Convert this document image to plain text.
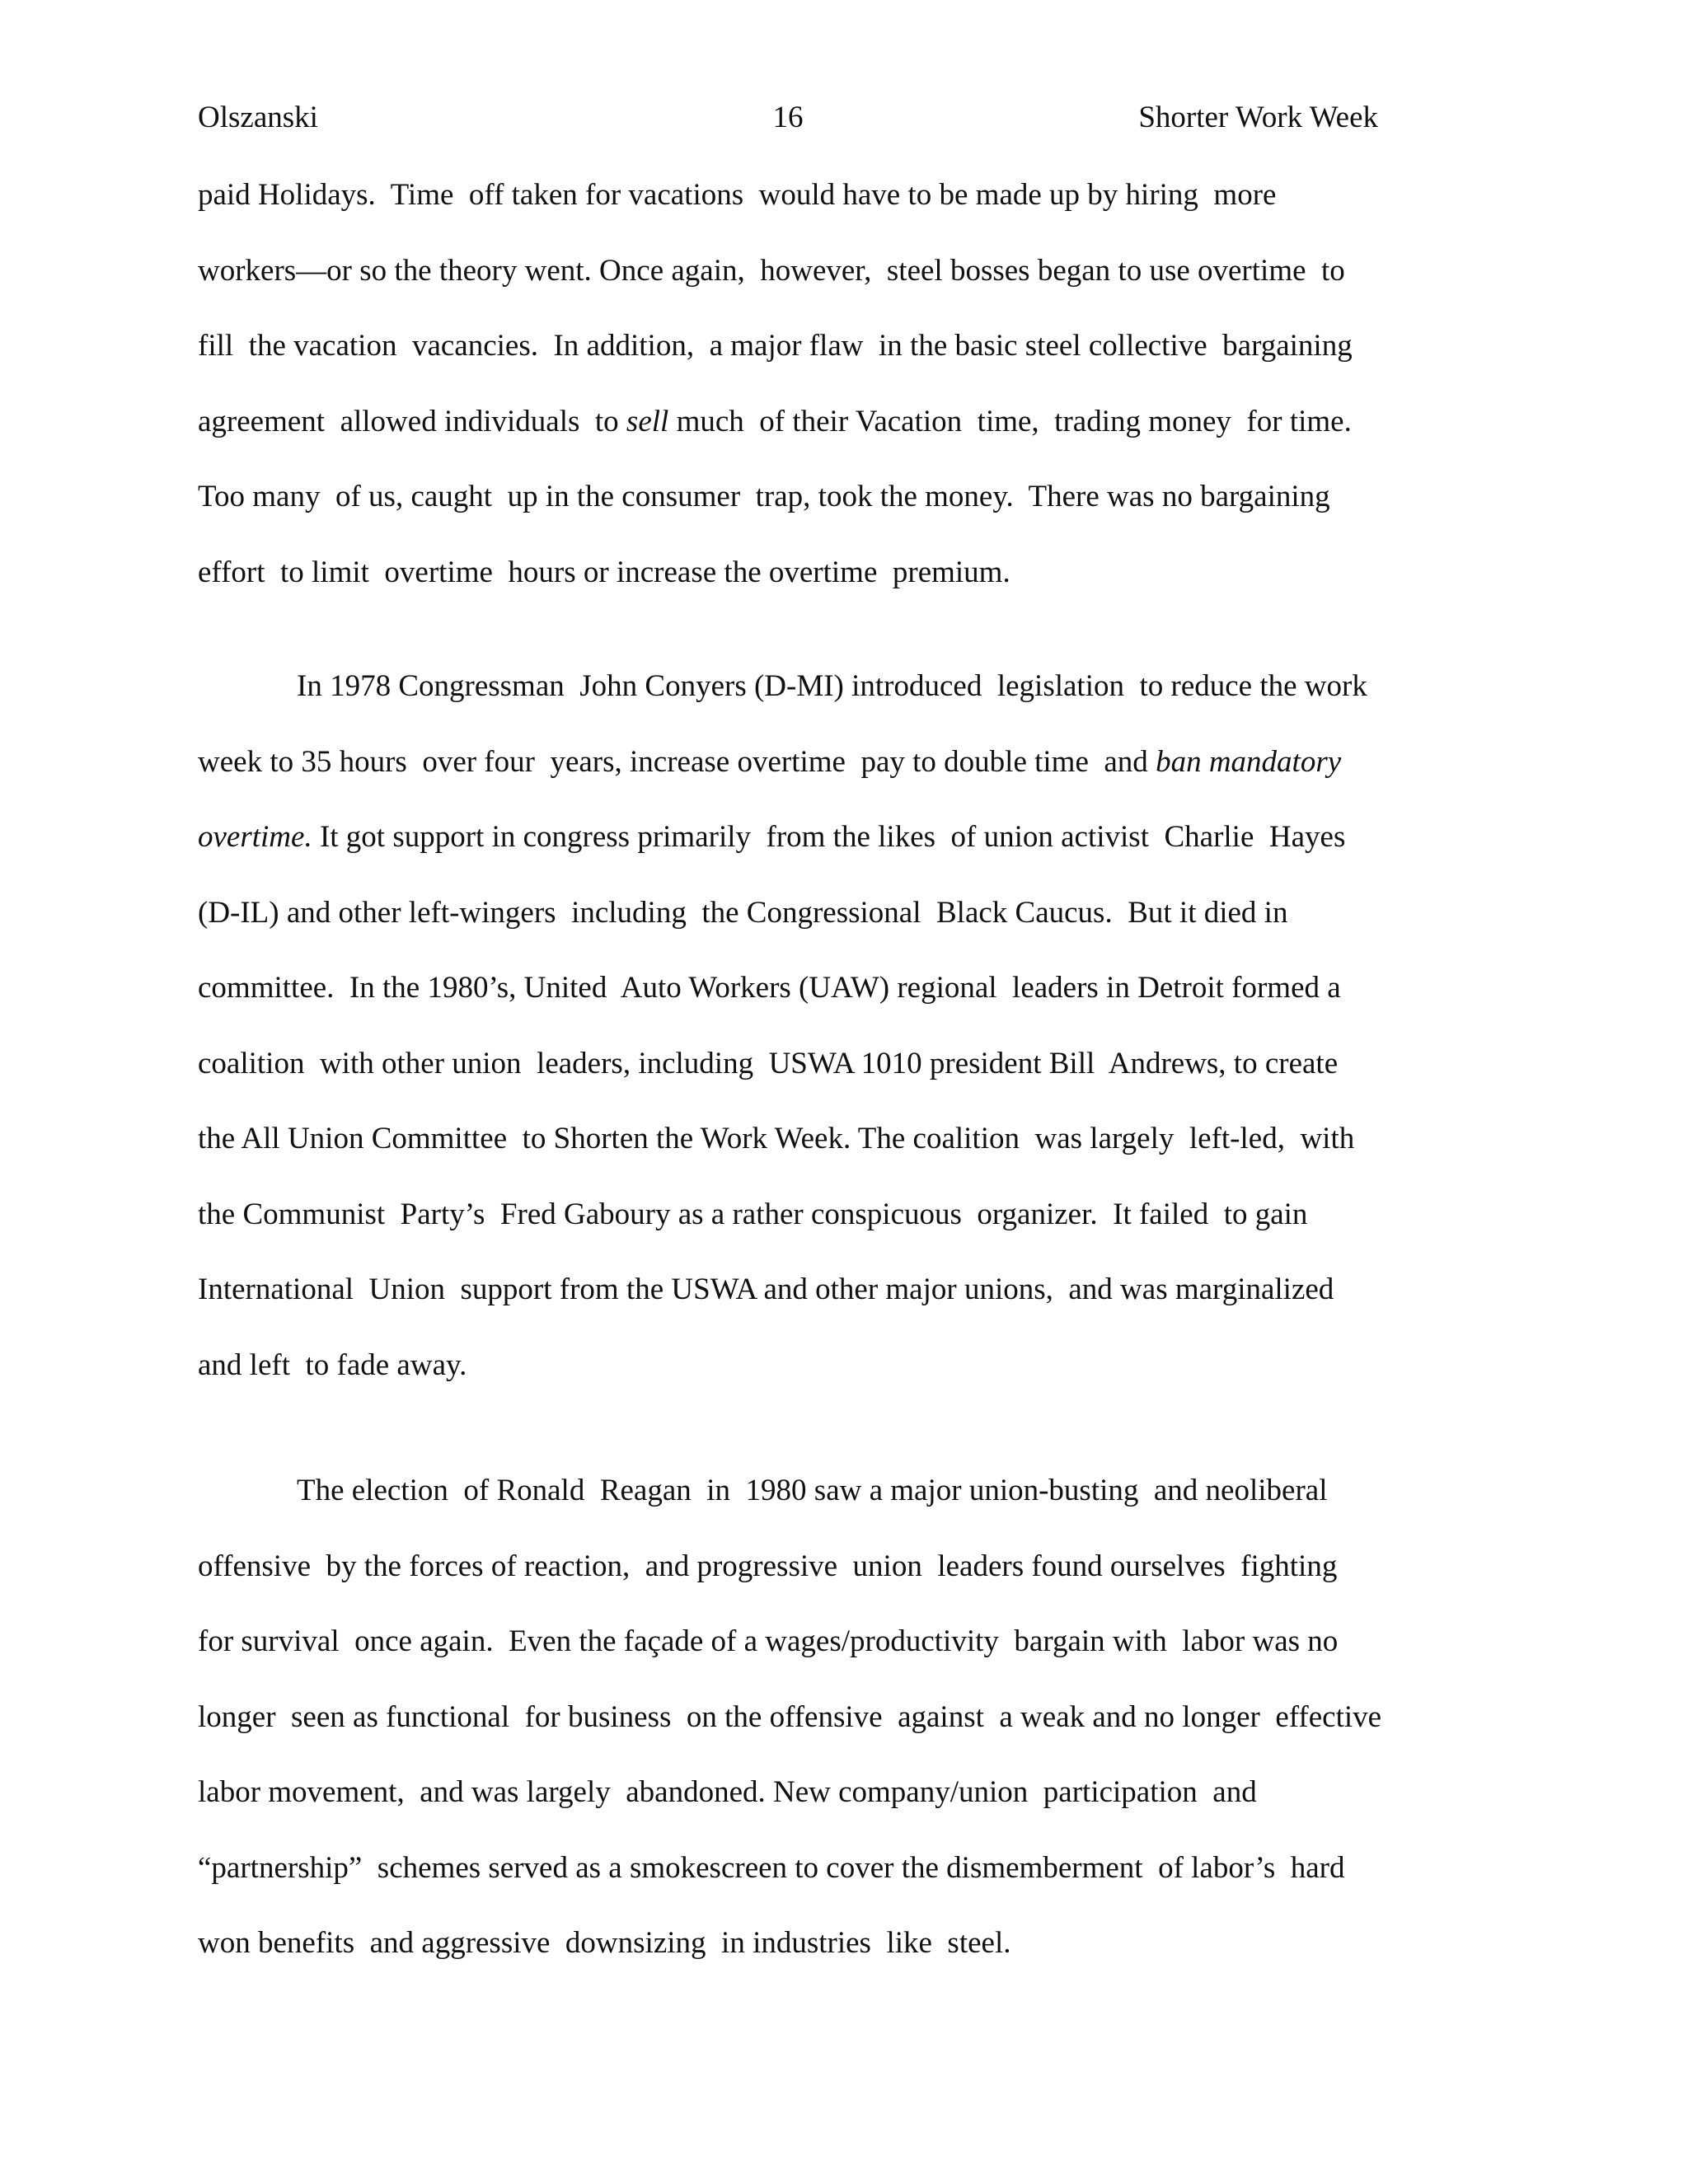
Olszanski	16	Shorter Work Week
paid Holidays.  Time  off taken for vacations  would have to be made up by hiring  more
workers—or so the theory went. Once again,  however,  steel bosses began to use overtime  to
fill  the vacation  vacancies.  In addition,  a major flaw  in the basic steel collective  bargaining
agreement  allowed individuals  to sell much  of their Vacation  time,  trading money  for time.
Too many  of us, caught  up in the consumer  trap, took the money.  There was no bargaining
effort  to limit  overtime  hours or increase the overtime  premium.
In 1978 Congressman  John Conyers (D-MI) introduced  legislation  to reduce the work
week to 35 hours  over four  years, increase overtime  pay to double time  and ban mandatory
overtime. It got support in congress primarily  from the likes  of union activist  Charlie  Hayes
(D-IL) and other left-wingers  including  the Congressional  Black Caucus.  But it died in
committee.  In the 1980’s, United  Auto Workers (UAW) regional  leaders in Detroit formed a
coalition  with other union  leaders, including  USWA 1010 president Bill  Andrews, to create
the All Union Committee  to Shorten the Work Week. The coalition  was largely  left-led,  with
the Communist  Party’s  Fred Gaboury as a rather conspicuous  organizer.  It failed  to gain
International  Union  support from the USWA and other major unions,  and was marginalized
and left  to fade away.
The election  of Ronald  Reagan  in  1980 saw a major union-busting  and neoliberal
offensive  by the forces of reaction,  and progressive  union  leaders found ourselves  fighting
for survival  once again.  Even the façade of a wages/productivity  bargain with  labor was no
longer  seen as functional  for business  on the offensive  against  a weak and no longer  effective
labor movement,  and was largely  abandoned. New company/union  participation  and
“partnership”  schemes served as a smokescreen to cover the dismemberment  of labor’s  hard
won benefits  and aggressive  downsizing  in industries  like  steel.
